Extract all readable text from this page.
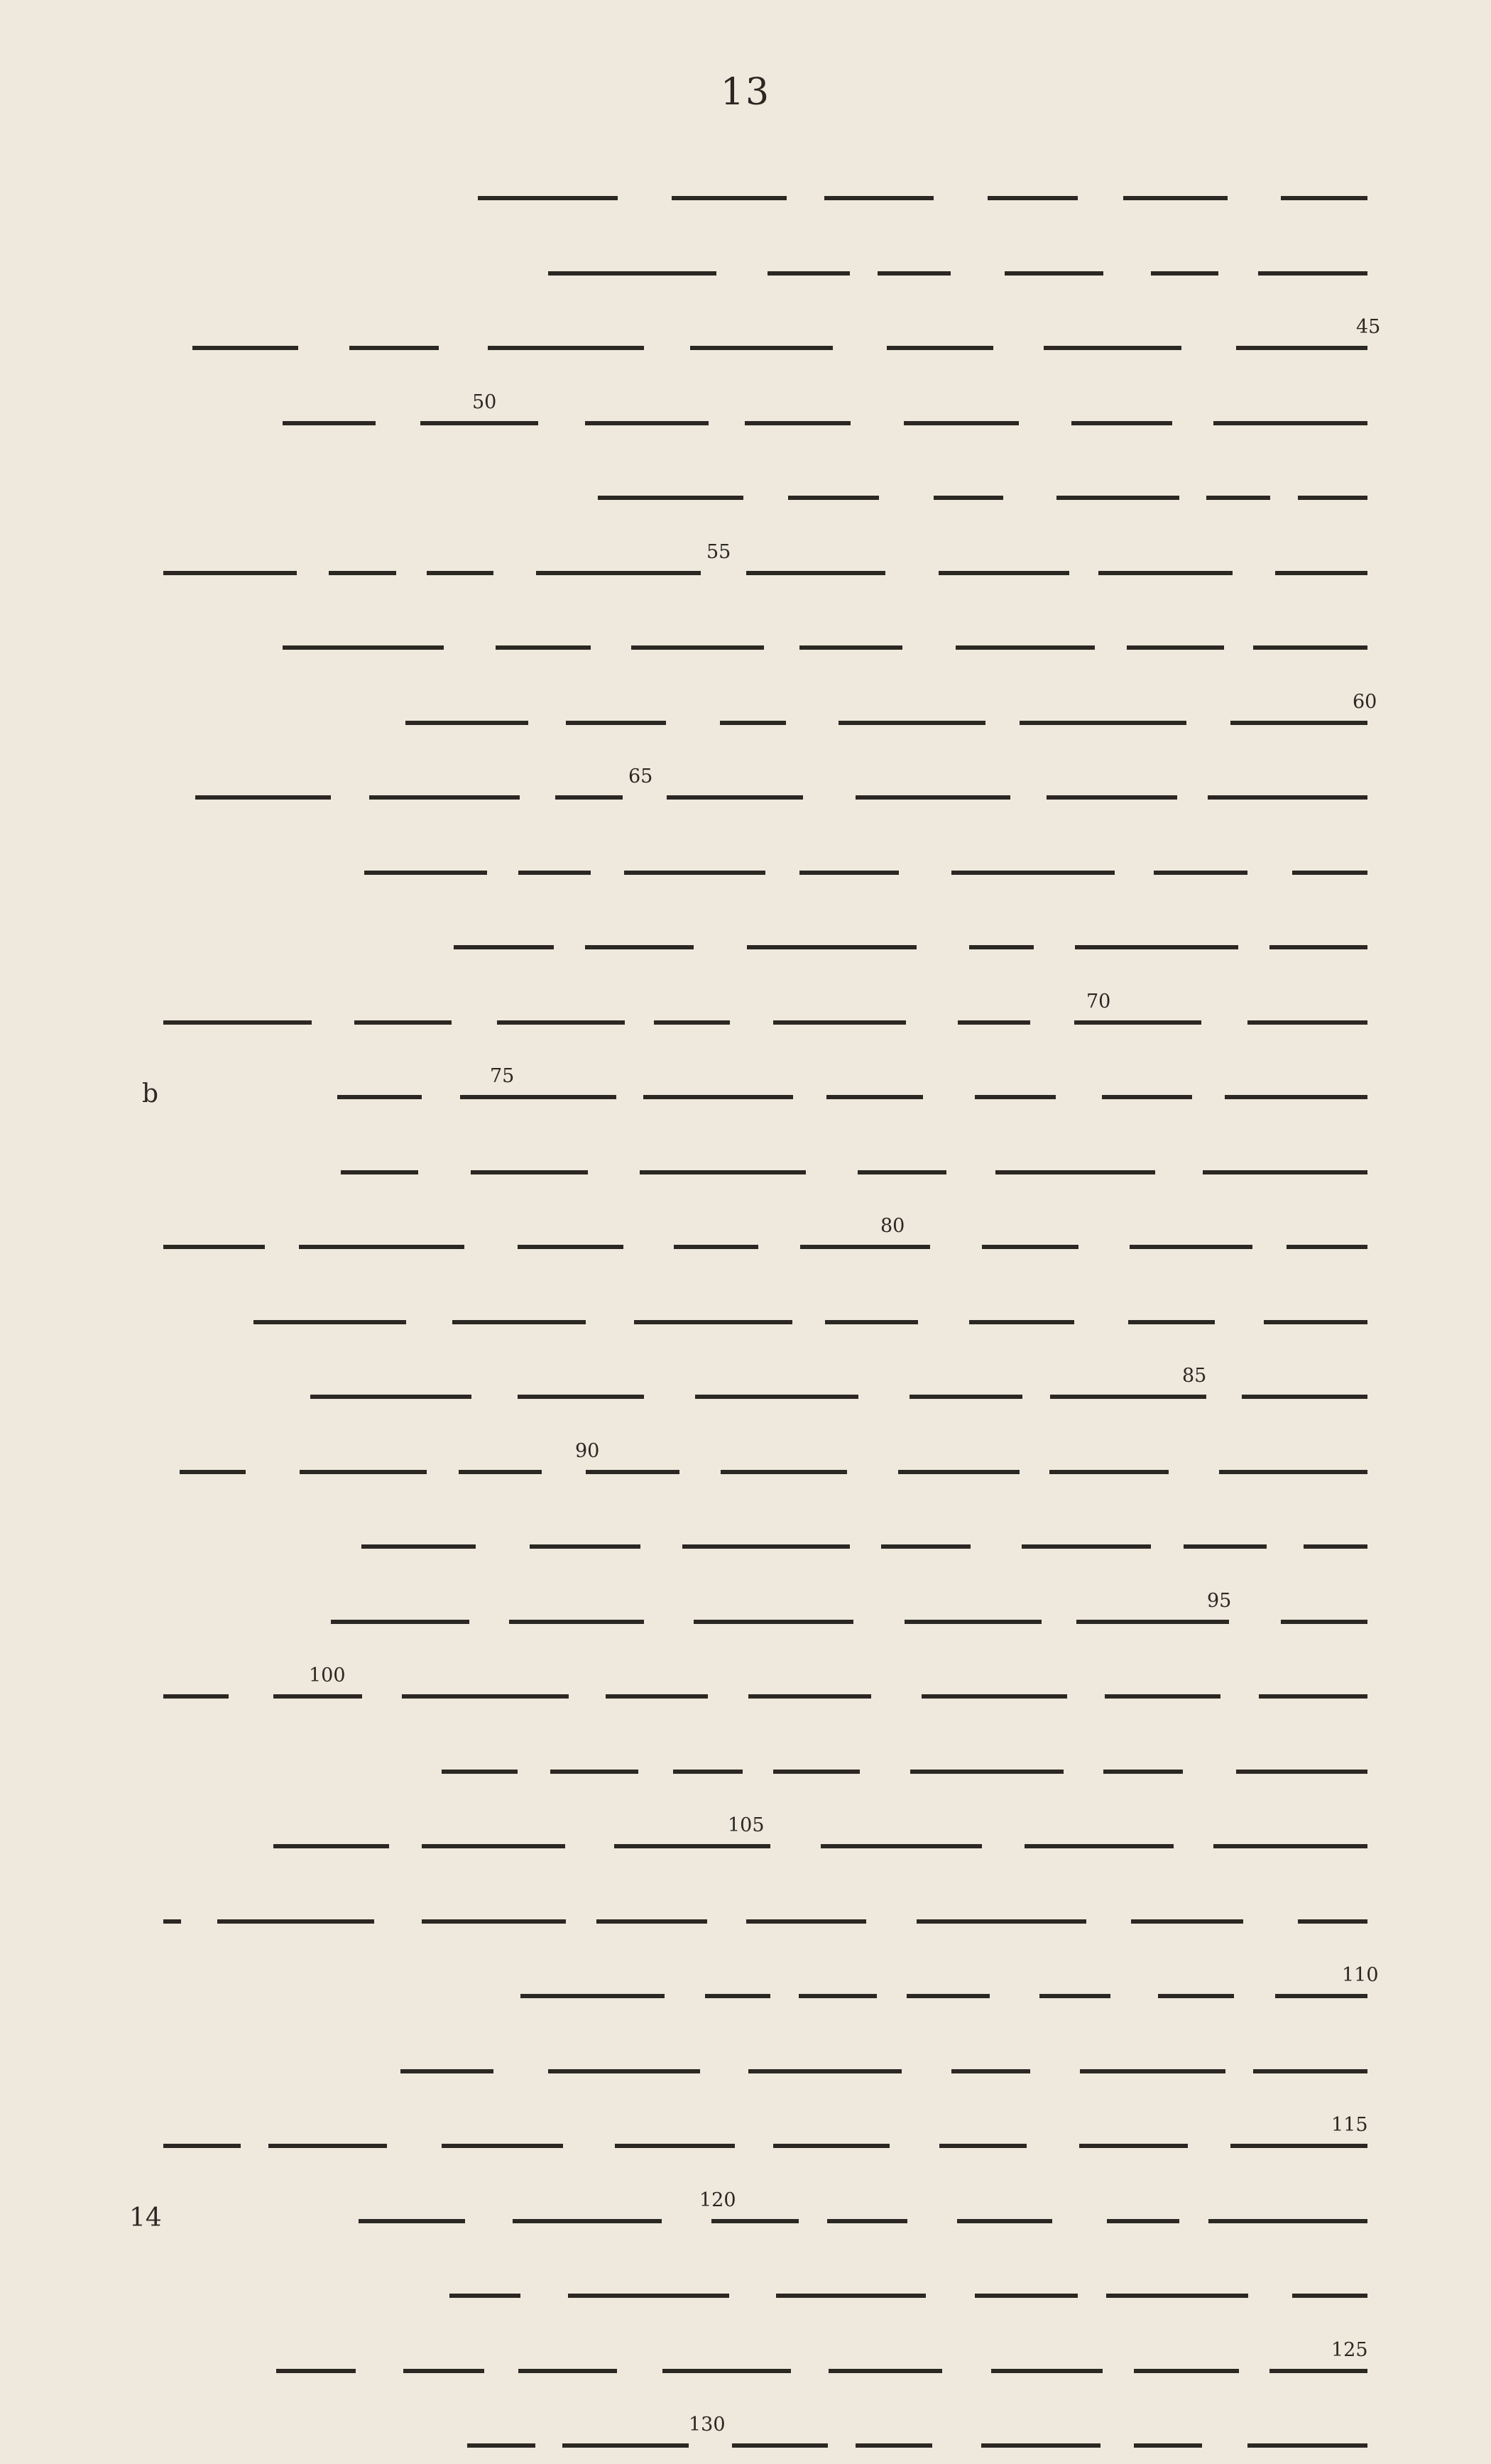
13
45
50
55
60
65
70
75
80
85
90
95
100
105
110
115
120
125
130
b
14
